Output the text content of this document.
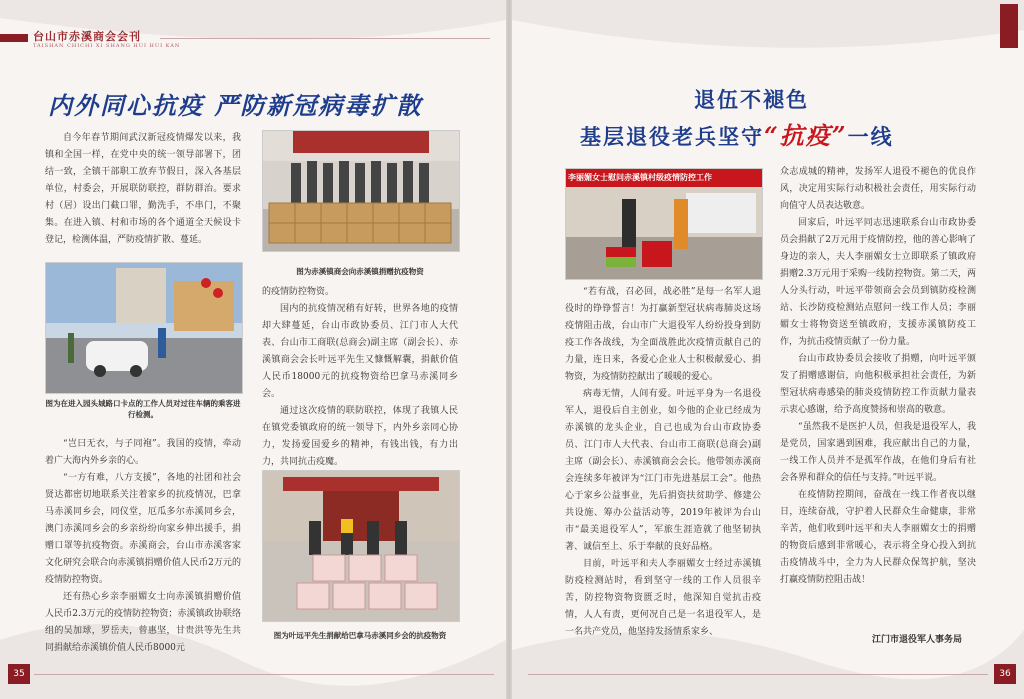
台山市赤溪商会会刊
TAISHAN CHICHI XI SHANG HUI HUI KAN
内外同心抗疫 严防新冠病毒扩散

自今年春节期间武汉新冠疫情爆发以来，我镇和全国一样，在党中央的统一领导部署下，团结一致，全镇干部职工放弃节假日，深入各基层单位，村委会，开展联防联控，群防群治。要求村（居）设出门截口罪，勤洗手，不串门，不聚集。在进入镇、村和市场的各个通道全天候设卡登记，检测体温，严防疫情扩散、蔓延。

图为在进入园头城路口卡点的工作人员对过往车辆的乘客进行检测。

“岂曰无衣，与子同袍”。我国的疫情，牵动着广大海内外乡亲的心。

“一方有难，八方支援”，各地的社团和社会贤达都密切地联系关注着家乡的抗疫情况，巴拿马赤溪同乡会，同仪堂，厄瓜多尔赤溪同乡会，澳门赤溪同乡会的乡亲纷纷向家乡伸出援手，捐赠口罩等抗疫物资。赤溪商会，台山市赤溪客家文化研究会联合向赤溪镇捐赠价值人民币2万元的疫情防控物资。

还有热心乡亲李丽媚女士向赤溪镇捐赠价值人民币2.3万元的疫情防控物资；赤溪镇政协联络组的吴加球，罗岳夫，曾惠坚，甘贵洪等先生共同捐献给赤溪镇价值人民币8000元

图为赤溪镇商会向赤溪镇捐赠抗疫物资

的疫情防控物资。

国内的抗疫情况稍有好转，世界各地的疫情却大肆蔓延，台山市政协委员、江门市人大代表、台山市工商联(总商会)副主席（副会长）、赤溪镇商会会长叶远平先生又慷慨解囊，捐献价值人民币18000元的抗疫物资给巴拿马赤溪同乡会。

通过这次疫情的联防联控，体现了我镇人民在镇党委镇政府的统一领导下，内外乡亲同心协力，发扬爱国爱乡的精神，有钱出钱，有力出力，共同抗击疫魔。

图为叶远平先生捐献给巴拿马赤溪同乡会的抗疫物资
35	36
退伍不褪色
基层退役老兵坚守“抗疫”一线
李丽媚女士慰问赤溪镇村级疫情防控工作

“若有战，召必回，战必胜”是每一名军人退役时的铮铮誓言！为打赢新型冠状病毒肺炎这场疫情阻击战，台山市广大退役军人纷纷投身到防疫工作各战线，为全面战胜此次疫情贡献自己的力量，连日来，各爱心企业人士积极献爱心、捐物资，为疫情防控献出了暖暖的爱心。

病毒无情，人间有爱。叶远平身为一名退役军人，退役后自主创业，如今他的企业已经成为赤溪镇的龙头企业，自己也成为台山市政协委员、江门市人大代表、台山市工商联(总商会)副主席（副会长）、赤溪镇商会会长。他带领赤溪商会连续多年被评为“江门市先进基层工会”。他热心于家乡公益事业，先后捐资扶贫助学、修建公共设施、筹办公益活动等，2019年被评为台山市“最美退役军人”，军旅生涯造就了他坚韧执著、诚信至上、乐于奉献的良好品格。

目前，叶远平和夫人李丽媚女士经过赤溪镇防疫检测站时，看到坚守一线的工作人员很辛苦，防控物资物资匮乏时，他深知自觉抗击疫情，人人有责，更何况自己是一名退役军人，是一名共产党员，他坚持发扬情系家乡、

众志成城的精神，发扬军人退役不褪色的优良作风，决定用实际行动积极社会责任，用实际行动向值守人员表达敬意。

回家后，叶远平同志迅速联系台山市政协委员会捐献了2万元用于疫情防控，他的善心影响了身边的亲人，夫人李丽媚女士立即联系了镇政府捐赠2.3万元用于采购一线防控物资。第二天，两人分头行动，叶远平带领商会会员到镇防疫检测站、长沙防疫检测站点慰问一线工作人员；李丽媚女士将物资送至镇政府，支援赤溪镇防疫工作，为抗击疫情贡献了一份力量。

台山市政协委员会接收了捐赠，向叶远平颁发了捐赠感谢信，向他积极承担社会责任，为新型冠状病毒感染的肺炎疫情防控工作贡献力量表示衷心感谢，给予高度赞扬和崇高的敬意。

“虽然我不是医护人员，但我是退役军人，我是党员，国家遇到困难，我应献出自己的力量，一线工作人员并不是孤军作战，在他们身后有社会各界和群众的信任与支持。”叶远平说。

在疫情防控期间，奋战在一线工作者夜以继日，连续奋战，守护着人民群众生命健康，非常辛苦，他们收到叶远平和夫人李丽媚女士的捐赠的物资后感到非常暖心，表示将全身心投入到抗击疫情战斗中，全力为人民群众保驾护航，坚决打赢疫情防控阻击战！

江门市退役军人事务局
